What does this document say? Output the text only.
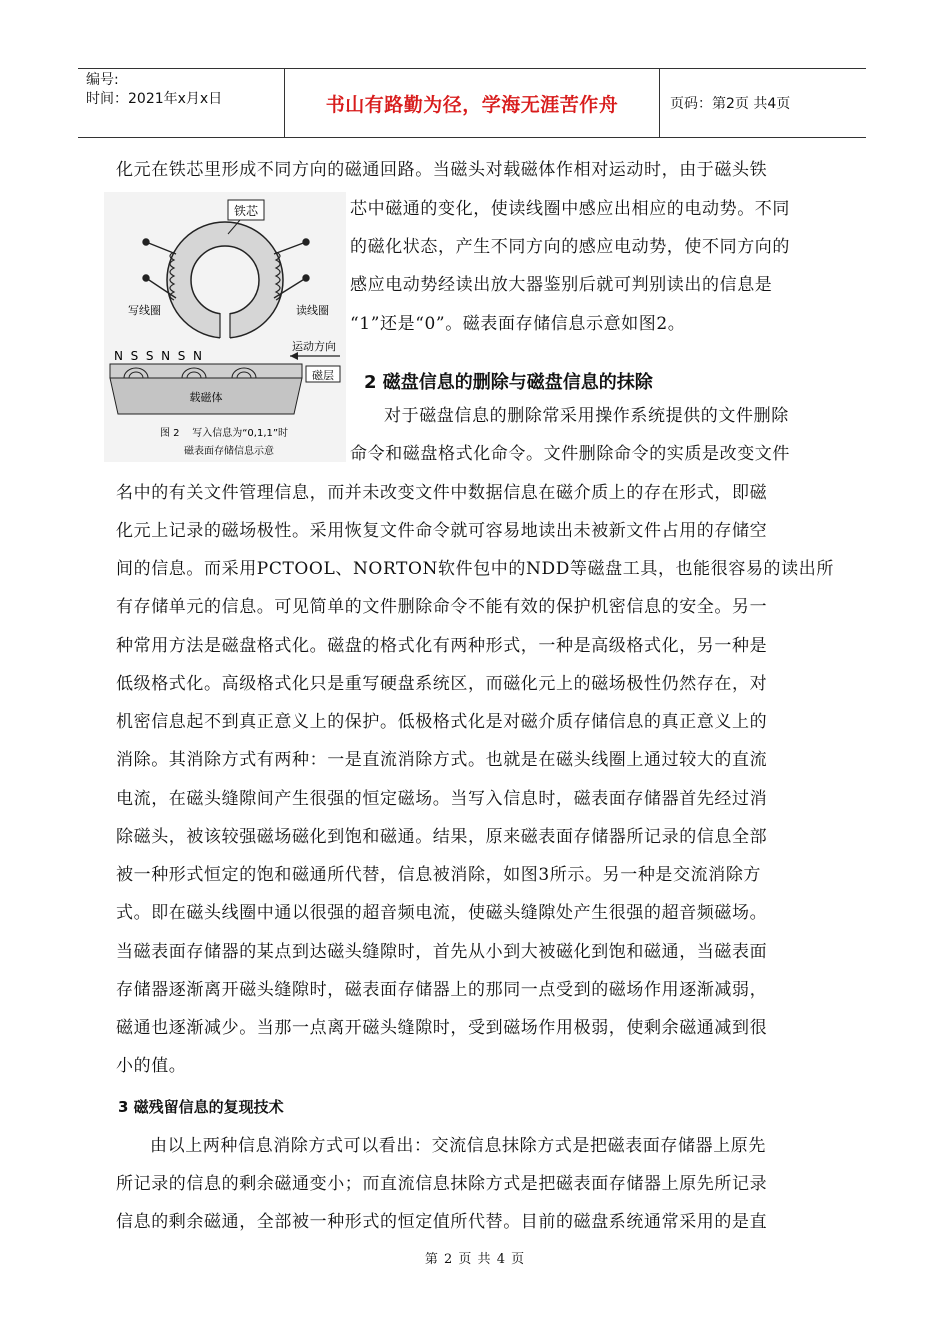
编号:
时间：2021年x月x日	书山有路勤为径，学海无涯苦作舟	页码：第2页 共4页
铁芯
写线圈	读线圈
N  S  S  N  S  N
运动方向
磁层
载磁体
图 2    写入信息为“0,1,1”时
磁表面存储信息示意
化元在铁芯里形成不同方向的磁通回路。当磁头对载磁体作相对运动时，由于磁头铁
芯中磁通的变化，使读线圈中感应出相应的电动势。不同
的磁化状态，产生不同方向的感应电动势，使不同方向的
感应电动势经读出放大器鉴别后就可判别读出的信息是
“1”还是“0”。磁表面存储信息示意如图2。
2 磁盘信息的删除与磁盘信息的抹除
对于磁盘信息的删除常采用操作系统提供的文件删除
命令和磁盘格式化命令。文件删除命令的实质是改变文件
名中的有关文件管理信息，而并未改变文件中数据信息在磁介质上的存在形式，即磁
化元上记录的磁场极性。采用恢复文件命令就可容易地读出未被新文件占用的存储空
间的信息。而采用PCTOOL、NORTON软件包中的NDD等磁盘工具，也能很容易的读出所
有存储单元的信息。可见简单的文件删除命令不能有效的保护机密信息的安全。另一
种常用方法是磁盘格式化。磁盘的格式化有两种形式，一种是高级格式化，另一种是
低级格式化。高级格式化只是重写硬盘系统区，而磁化元上的磁场极性仍然存在，对
机密信息起不到真正意义上的保护。低极格式化是对磁介质存储信息的真正意义上的
消除。其消除方式有两种：一是直流消除方式。也就是在磁头线圈上通过较大的直流
电流，在磁头缝隙间产生很强的恒定磁场。当写入信息时，磁表面存储器首先经过消
除磁头，被该较强磁场磁化到饱和磁通。结果，原来磁表面存储器所记录的信息全部
被一种形式恒定的饱和磁通所代替，信息被消除，如图3所示。另一种是交流消除方
式。即在磁头线圈中通以很强的超音频电流，使磁头缝隙处产生很强的超音频磁场。
当磁表面存储器的某点到达磁头缝隙时，首先从小到大被磁化到饱和磁通，当磁表面
存储器逐渐离开磁头缝隙时，磁表面存储器上的那同一点受到的磁场作用逐渐减弱，
磁通也逐渐减少。当那一点离开磁头缝隙时，受到磁场作用极弱，使剩余磁通减到很
小的值。
3 磁残留信息的复现技术
由以上两种信息消除方式可以看出：交流信息抹除方式是把磁表面存储器上原先
所记录的信息的剩余磁通变小；而直流信息抹除方式是把磁表面存储器上原先所记录
信息的剩余磁通，全部被一种形式的恒定值所代替。目前的磁盘系统通常采用的是直
第 2 页 共 4 页
